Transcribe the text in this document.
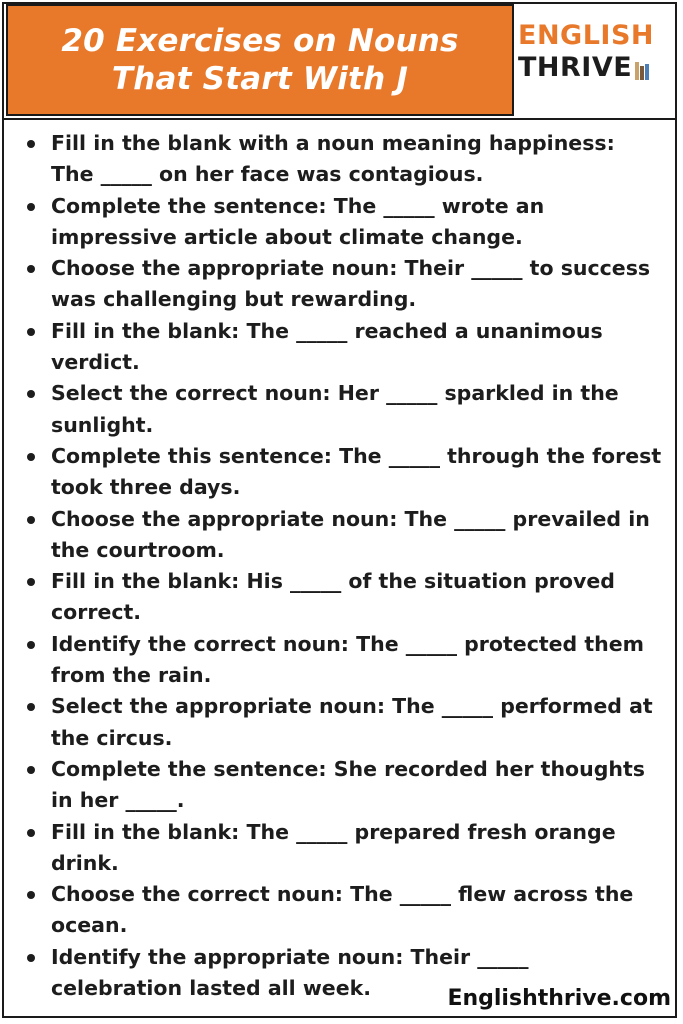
20 Exercises on Nouns
That Start With J
ENGLISH
THRIVE
Fill in the blank with a noun meaning happiness: The _____ on her face was contagious.
Complete the sentence: The _____ wrote an impressive article about climate change.
Choose the appropriate noun: Their _____ to success was challenging but rewarding.
Fill in the blank: The _____ reached a unanimous verdict.
Select the correct noun: Her _____ sparkled in the sunlight.
Complete this sentence: The _____ through the forest took three days.
Choose the appropriate noun: The _____ prevailed in the courtroom.
Fill in the blank: His _____ of the situation proved correct.
Identify the correct noun: The _____ protected them from the rain.
Select the appropriate noun: The _____ performed at the circus.
Complete the sentence: She recorded her thoughts in her _____.
Fill in the blank: The _____ prepared fresh orange drink.
Choose the correct noun: The _____ flew across the ocean.
Identify the appropriate noun: Their _____ celebration lasted all week.	Englishthrive.com
